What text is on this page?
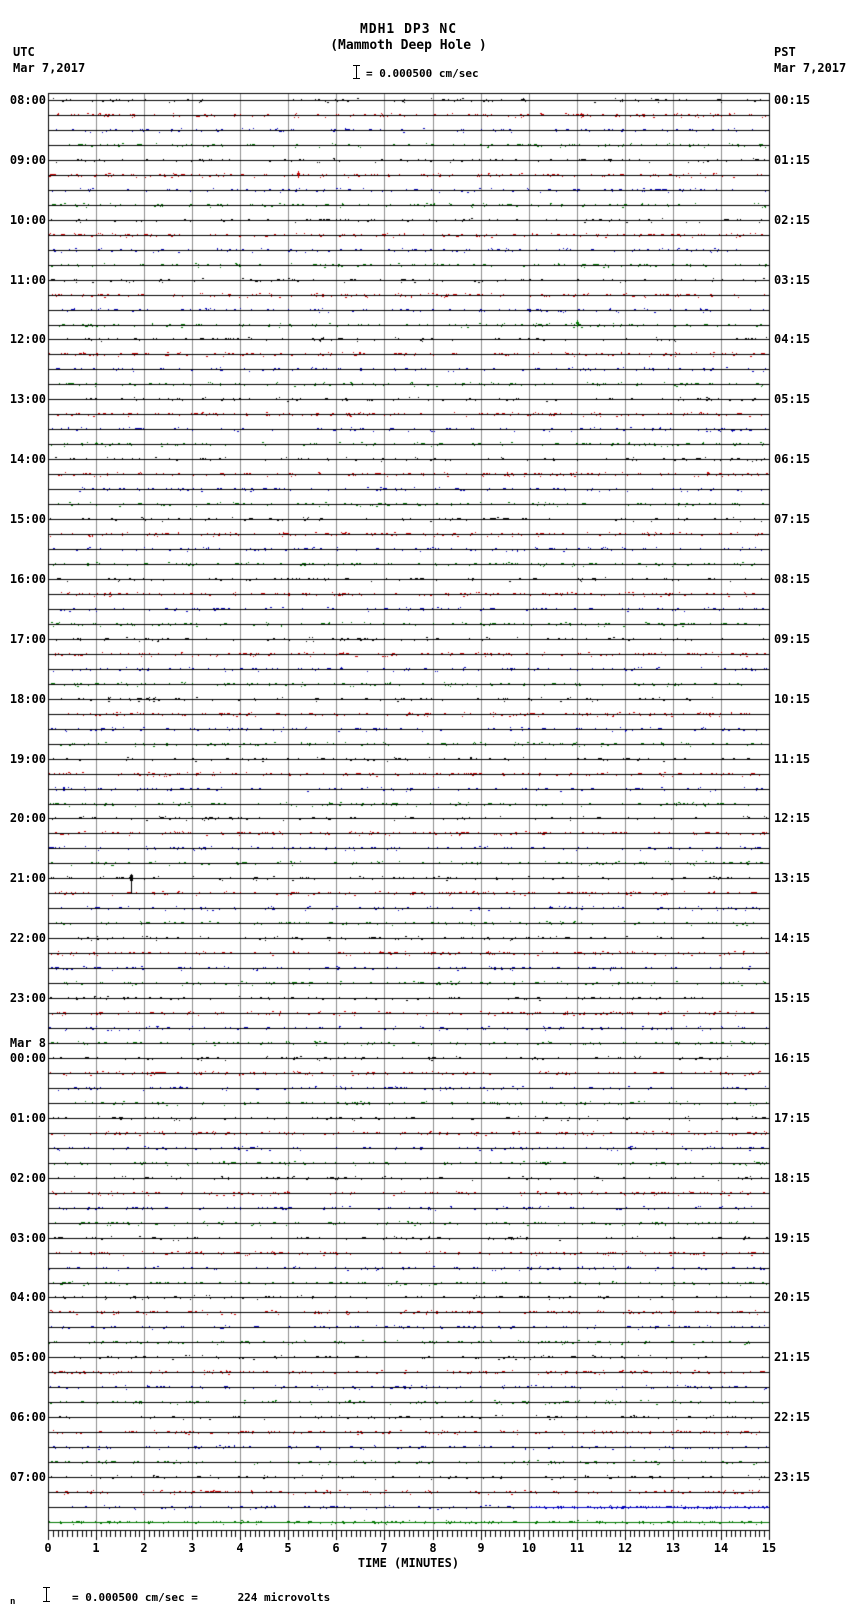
MDH1 DP3 NC
(Mammoth Deep Hole )
= 0.000500 cm/sec
UTC
Mar 7,2017
PST
Mar 7,2017
08:00
09:00
10:00
11:00
12:00
13:00
14:00
15:00
16:00
17:00
18:00
19:00
20:00
21:00
22:00
23:00
00:00
01:00
02:00
03:00
04:00
05:00
06:00
07:00
Mar 8
00:15
01:15
02:15
03:15
04:15
05:15
06:15
07:15
08:15
09:15
10:15
11:15
12:15
13:15
14:15
15:15
16:15
17:15
18:15
19:15
20:15
21:15
22:15
23:15
0	1	2	3	4	5	6	7	8	9	10	11	12	13	14	15
TIME (MINUTES)
n	= 0.000500 cm/sec =      224 microvolts
